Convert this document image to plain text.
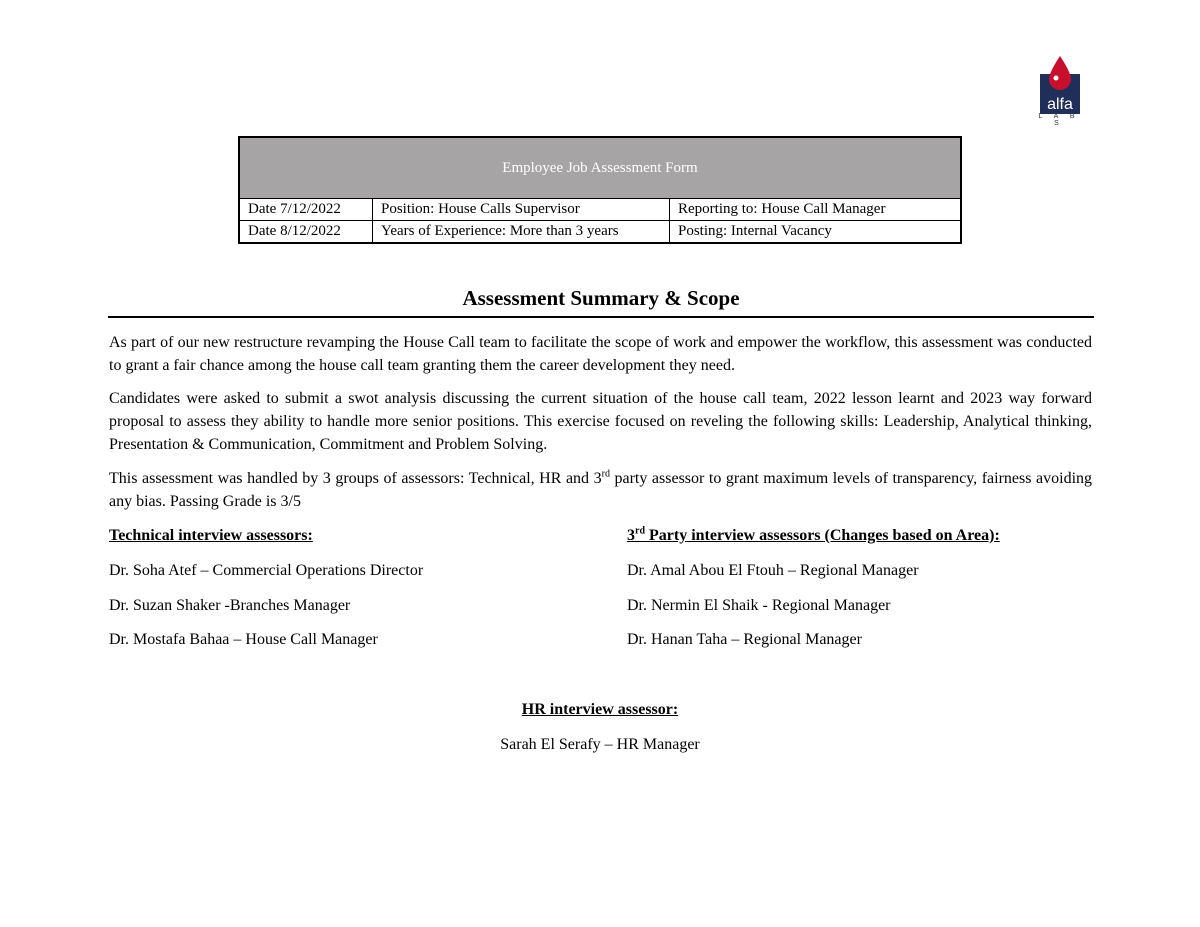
alfa
L A B S
Employee Job Assessment Form		
Date 7/12/2022	Position: House Calls Supervisor	Reporting to: House Call Manager
Date 8/12/2022	Years of Experience: More than 3 years	Posting: Internal Vacancy
Assessment Summary & Scope

As part of our new restructure revamping the House Call team to facilitate the scope of work and empower the workflow, this assessment was conducted to grant a fair chance among the house call team granting them the career development they need.

Candidates were asked to submit a swot analysis discussing the current situation of the house call team, 2022 lesson learnt and 2023 way forward proposal to assess they ability to handle more senior positions. This exercise focused on reveling the following skills: Leadership, Analytical thinking, Presentation & Communication, Commitment and Problem Solving.

This assessment was handled by 3 groups of assessors: Technical, HR and 3rd party assessor to grant maximum levels of transparency, fairness avoiding any bias. Passing Grade is 3/5

Technical interview assessors:
Dr. Soha Atef – Commercial Operations Director
Dr. Suzan Shaker -Branches Manager
Dr. Mostafa Bahaa – House Call Manager
3rd Party interview assessors (Changes based on Area):
Dr. Amal Abou El Ftouh – Regional Manager
Dr. Nermin El Shaik - Regional Manager
Dr. Hanan Taha – Regional Manager
HR interview assessor:
Sarah El Serafy – HR Manager
